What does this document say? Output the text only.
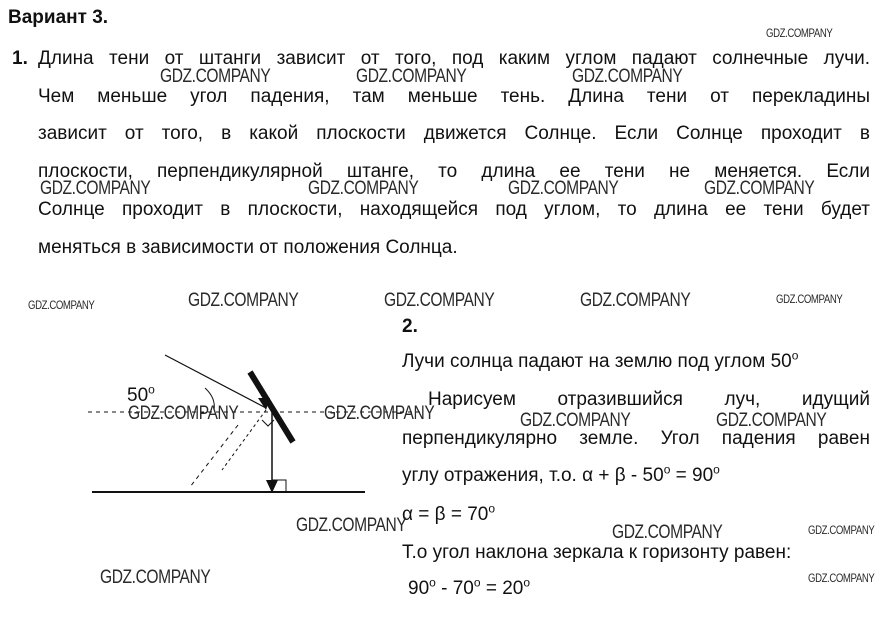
Вариант 3.
1. Длина тени от штанги зависит от того, под каким углом падают солнечные лучи.
Чем меньше угол падения, там меньше тень. Длина тени от перекладины
зависит от того, в какой плоскости движется Солнце. Если Солнце проходит в
плоскости, перпендикулярной штанге, то длина ее тени не меняется. Если
Солнце проходит в плоскости, находящейся под углом, то длина ее тени будет
меняться в зависимости от положения Солнца.
50$^o$
2.
Лучи солнца падают на землю под углом 50$^o$
Нарисуем отразившийся луч, идущий
перпендикулярно земле. Угол падения равен
углу отражения, т.о. $\alpha + \beta - 50^o = 90^o$
$\alpha = \beta = 70^o$
Т.о угол наклона зеркала к горизонту равен:
$90^o - 70^o = 20^o$
GDZ.COMPANY
GDZ.COMPANY	GDZ.COMPANY	GDZ.COMPANY
GDZ.COMPANY	GDZ.COMPANY	GDZ.COMPANY	GDZ.COMPANY
GDZ.COMPANY	GDZ.COMPANY	GDZ.COMPANY	GDZ.COMPANY	GDZ.COMPANY
GDZ.COMPANY	GDZ.COMPANY	GDZ.COMPANY	GDZ.COMPANY
GDZ.COMPANY	GDZ.COMPANY	GDZ.COMPANY
GDZ.COMPANY	GDZ.COMPANY
